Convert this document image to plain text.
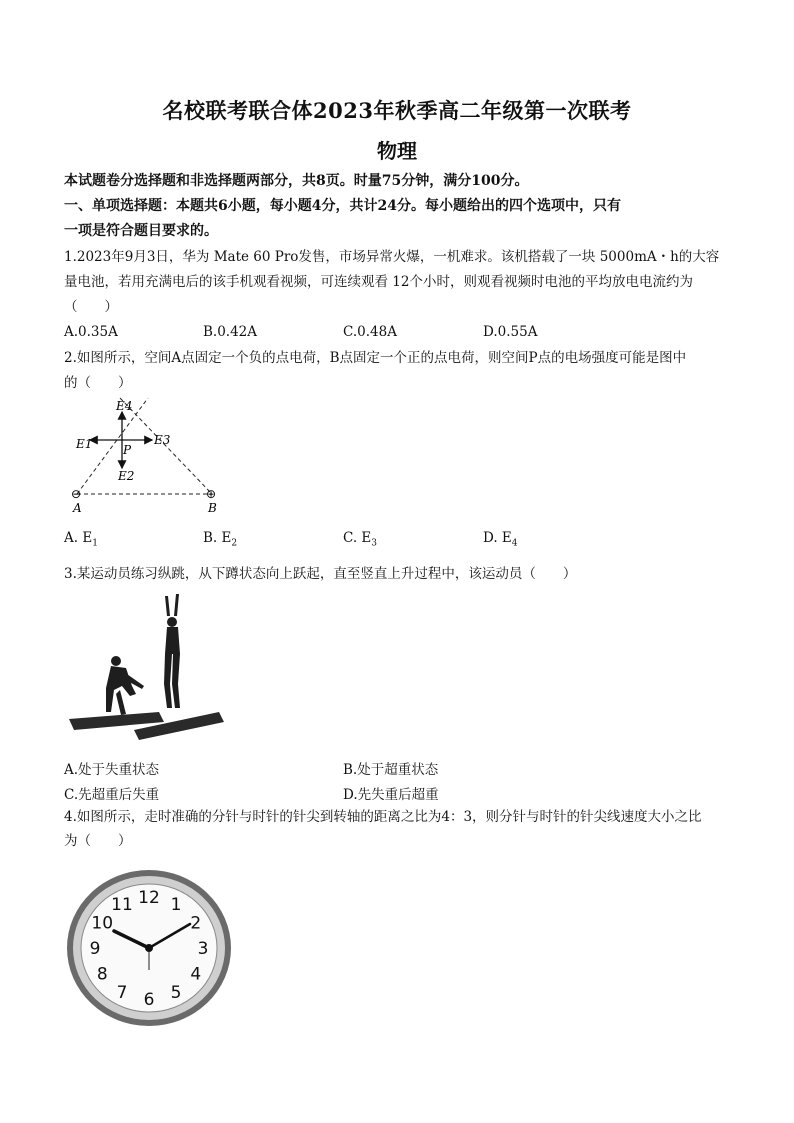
名校联考联合体2023年秋季高二年级第一次联考
物理
本试题卷分选择题和非选择题两部分，共8页。时量75分钟，满分100分。
一、单项选择题：本题共6小题，每小题4分，共计24分。每小题给出的四个选项中，只有
一项是符合题目要求的。
1.2023年9月3日，华为 Mate 60 Pro发售，市场异常火爆，一机难求。该机搭载了一块 5000mA・h的大容
量电池，若用充满电后的该手机观看视频，可连续观看 12个小时，则观看视频时电池的平均放电电流约为
（　　）
A.0.35A	B.0.42A	C.0.48A	D.0.55A
2.如图所示，空间A点固定一个负的点电荷，B点固定一个正的点电荷，则空间P点的电场强度可能是图中
的（　　）
E4
E1	E3
P
E2
A	B
⊖	⊕
A. $E_1$	B. $E_2$	C. $E_3$	D. $E_4$
3.某运动员练习纵跳，从下蹲状态向上跃起，直至竖直上升过程中，该运动员（　　）
A.处于失重状态	B.处于超重状态
C.先超重后失重	D.先失重后超重
4.如图所示，走时准确的分针与时针的针尖到转轴的距离之比为4：3，则分针与时针的针尖线速度大小之比
为（　　）
12 1
2
3
4
5
6
7
8
9
10
11
